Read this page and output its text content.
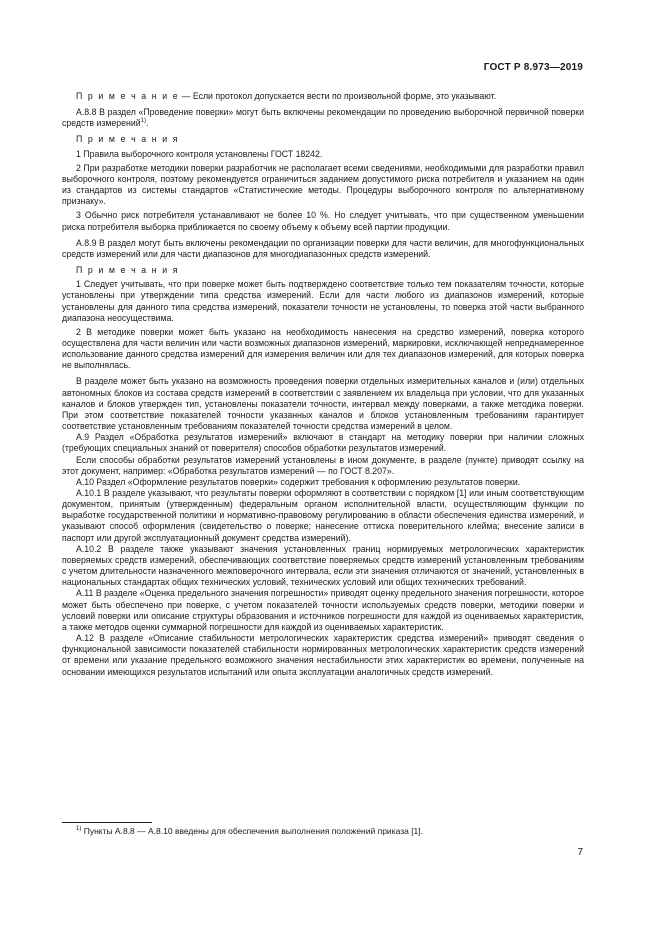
ГОСТ Р 8.973—2019

П р и м е ч а н и е — Если протокол допускается вести по произвольной форме, это указывают.

А.8.8 В раздел «Проведение поверки» могут быть включены рекомендации по проведению выборочной первичной поверки средств измерений$^{1)}$.

П р и м е ч а н и я

1 Правила выборочного контроля установлены ГОСТ 18242.

2 При разработке методики поверки разработчик не располагает всеми сведениями, необходимыми для разработки правил выборочного контроля, поэтому рекомендуется ограничиться заданием допустимого риска потребителя и указанием на один из стандартов из системы стандартов «Статистические методы. Процедуры выборочного контроля по альтернативному признаку».

3 Обычно риск потребителя устанавливают не более 10 %. Но следует учитывать, что при существенном уменьшении риска потребителя выборка приближается по своему объему к объему всей партии продукции.

А.8.9 В раздел могут быть включены рекомендации по организации поверки для части величин, для многофункциональных средств измерений или для части диапазонов для многодиапазонных средств измерений.

П р и м е ч а н и я

1 Следует учитывать, что при поверке может быть подтверждено соответствие только тем показателям точности, которые установлены при утверждении типа средства измерений. Если для части любого из диапазонов измерений, которые установлены для данного типа средства измерений, показатели точности не установлены, то поверка этой части выбранного диапазона неосуществима.

2 В методике поверки может быть указано на необходимость нанесения на средство измерений, поверка которого осуществлена для части величин или части возможных диапазонов измерений, маркировки, исключающей непреднамеренное использование данного средства измерений для измерения величин или для тех диапазонов измерений, для которых поверка не выполнялась.

В разделе может быть указано на возможность проведения поверки отдельных измерительных каналов и (или) отдельных автономных блоков из состава средств измерений в соответствии с заявлением их владельца при условии, что для указанных каналов и блоков утвержден тип, установлены показатели точности, интервал между поверками, а также методика поверки. При этом соответствие показателей точности указанных каналов и блоков установленным требованиям гарантирует соответствие установленным требованиям показателей точности средства измерений в целом.

А.9 Раздел «Обработка результатов измерений» включают в стандарт на методику поверки при наличии сложных (требующих специальных знаний от поверителя) способов обработки результатов измерений.

Если способы обработки результатов измерений установлены в ином документе, в разделе (пункте) приводят ссылку на этот документ, например: «Обработка результатов измерений — по ГОСТ 8.207».

А.10 Раздел «Оформление результатов поверки» содержит требования к оформлению результатов поверки.

А.10.1 В разделе указывают, что результаты поверки оформляют в соответствии с порядком [1] или иным соответствующим документом, принятым (утвержденным) федеральным органом исполнительной власти, осуществляющим функции по выработке государственной политики и нормативно-правовому регулированию в области обеспечения единства измерений, и указывают способ оформления (свидетельство о поверке; нанесение оттиска поверительного клейма; внесение записи в паспорт или другой эксплуатационный документ средства измерений).

А.10.2 В разделе также указывают значения установленных границ нормируемых метрологических характеристик поверяемых средств измерений, обеспечивающих соответствие поверяемых средств измерений установленным требованиям с учетом длительности назначенного межповерочного интервала, если эти значения отличаются от значений, установленных в национальных стандартах общих технических условий, технических условий или общих технических требований.

А.11 В разделе «Оценка предельного значения погрешности» приводят оценку предельного значения погрешности, которое может быть обеспечено при поверке, с учетом показателей точности используемых средств поверки, методики поверки и условий поверки или описание структуры образования и источников погрешности для каждой из оцениваемых характеристик, а также методов оценки суммарной погрешности для каждой из оцениваемых характеристик.

А.12 В разделе «Описание стабильности метрологических характеристик средства измерений» приводят сведения о функциональной зависимости показателей стабильности нормированных метрологических характеристик средств измерений от времени или указание предельного возможного значения нестабильности этих характеристик во времени, полученные на основании имеющихся результатов испытаний или опыта эксплуатации аналогичных средств измерений.

$^{1)}$ Пункты А.8.8 — А.8.10 введены для обеспечения выполнения положений приказа [1].
7
